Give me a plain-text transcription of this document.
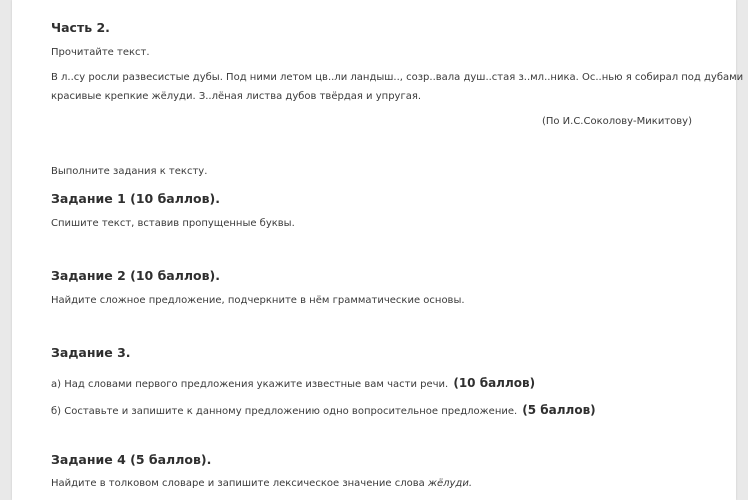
Часть 2.
Прочитайте текст.
В л..су росли развесистые дубы. Под ними летом цв..ли ландыш.., созр..вала душ..стая з..мл..ника. Ос..нью я собирал под дубами
красивые крепкие жёлуди. З..лёная листва дубов твёрдая и упругая.
(По И.С.Соколову-Микитову)
Выполните задания к тексту.
Задание 1 (10 баллов).
Спишите текст, вставив пропущенные буквы.
Задание 2 (10 баллов).
Найдите сложное предложение, подчеркните в нём грамматические основы.
Задание 3.
а) Над словами первого предложения укажите известные вам части речи. (10 баллов)
б) Составьте и запишите к данному предложению одно вопросительное предложение. (5 баллов)
Задание 4 (5 баллов).
Найдите в толковом словаре и запишите лексическое значение слова жёлуди.
